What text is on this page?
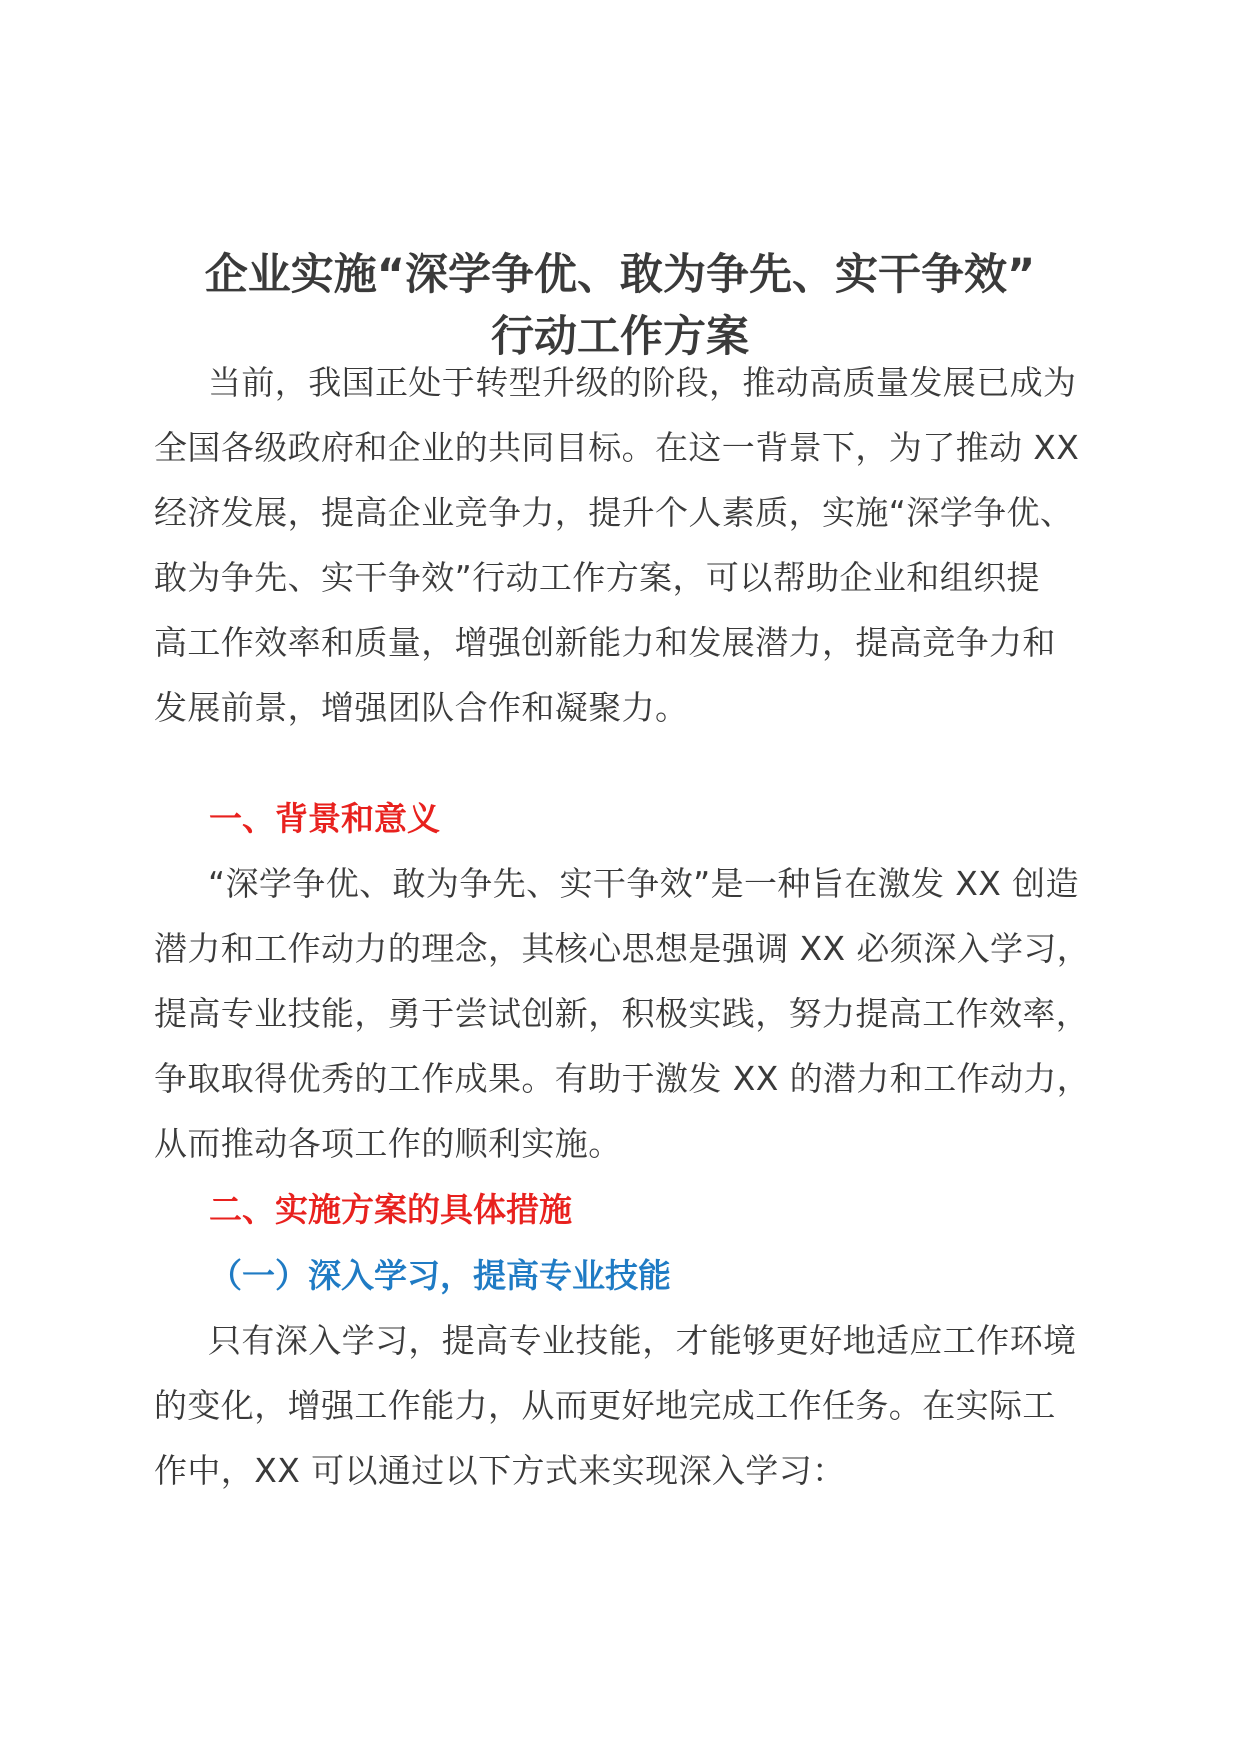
企业实施“深学争优、敢为争先、实干争效”
行动工作方案
当前，我国正处于转型升级的阶段，推动高质量发展已成为
全国各级政府和企业的共同目标。在这一背景下，为了推动 XX
经济发展，提高企业竞争力，提升个人素质，实施“深学争优、
敢为争先、实干争效”行动工作方案，可以帮助企业和组织提
高工作效率和质量，增强创新能力和发展潜力，提高竞争力和
发展前景，增强团队合作和凝聚力。
一、背景和意义
“深学争优、敢为争先、实干争效”是一种旨在激发 XX 创造
潜力和工作动力的理念，其核心思想是强调 XX 必须深入学习，
提高专业技能，勇于尝试创新，积极实践，努力提高工作效率，
争取取得优秀的工作成果。有助于激发 XX 的潜力和工作动力，
从而推动各项工作的顺利实施。
二、实施方案的具体措施
（一）深入学习，提高专业技能
只有深入学习，提高专业技能，才能够更好地适应工作环境
的变化，增强工作能力，从而更好地完成工作任务。在实际工
作中，XX 可以通过以下方式来实现深入学习：
